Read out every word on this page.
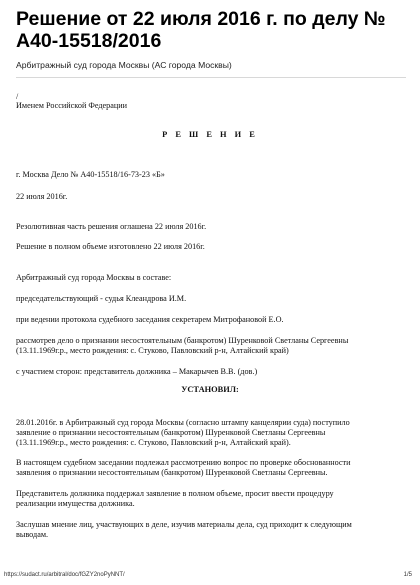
Решение от 22 июля 2016 г. по делу № А40-15518/2016
Арбитражный суд города Москвы (АС города Москвы)
/
Именем Российской Федерации
Р Е Ш Е Н И Е
г. Москва Дело № А40-15518/16-73-23 «Б»
22 июля 2016г.
Резолютивная часть решения оглашена 22 июля 2016г.
Решение в полном объеме изготовлено 22 июля 2016г.
Арбитражный суд города Москвы в составе:
председательствующий - судья Клеандрова И.М.
при ведении протокола судебного заседания секретарем Митрофановой Е.О.
рассмотрев дело о признании несостоятельным (банкротом) Шуренковой Светланы Сергеевны
(13.11.1969г.р., место рождения: с. Стуково, Павловский р-н, Алтайский край)
с участием сторон: представитель должника – Макарычев В.В. (дов.)
УСТАНОВИЛ:
28.01.2016г. в Арбитражный суд города Москвы (согласно штампу канцелярии суда) поступило
заявление о признании несостоятельным (банкротом) Шуренковой Светланы Сергеевны
(13.11.1969г.р., место рождения: с. Стуково, Павловский р-н, Алтайский край).
В настоящем судебном заседании подлежал рассмотрению вопрос по проверке обоснованности
заявления о признании несостоятельным (банкротом) Шуренковой Светланы Сергеевны.
Представитель должника поддержал заявление в полном объеме, просит ввести процедуру
реализации имущества должника.
Заслушав мнение лиц, участвующих в деле, изучив материалы дела, суд приходит к следующим
выводам.
https://sudact.ru/arbitral/doc/fGZY2noPyNNT/	1/5
